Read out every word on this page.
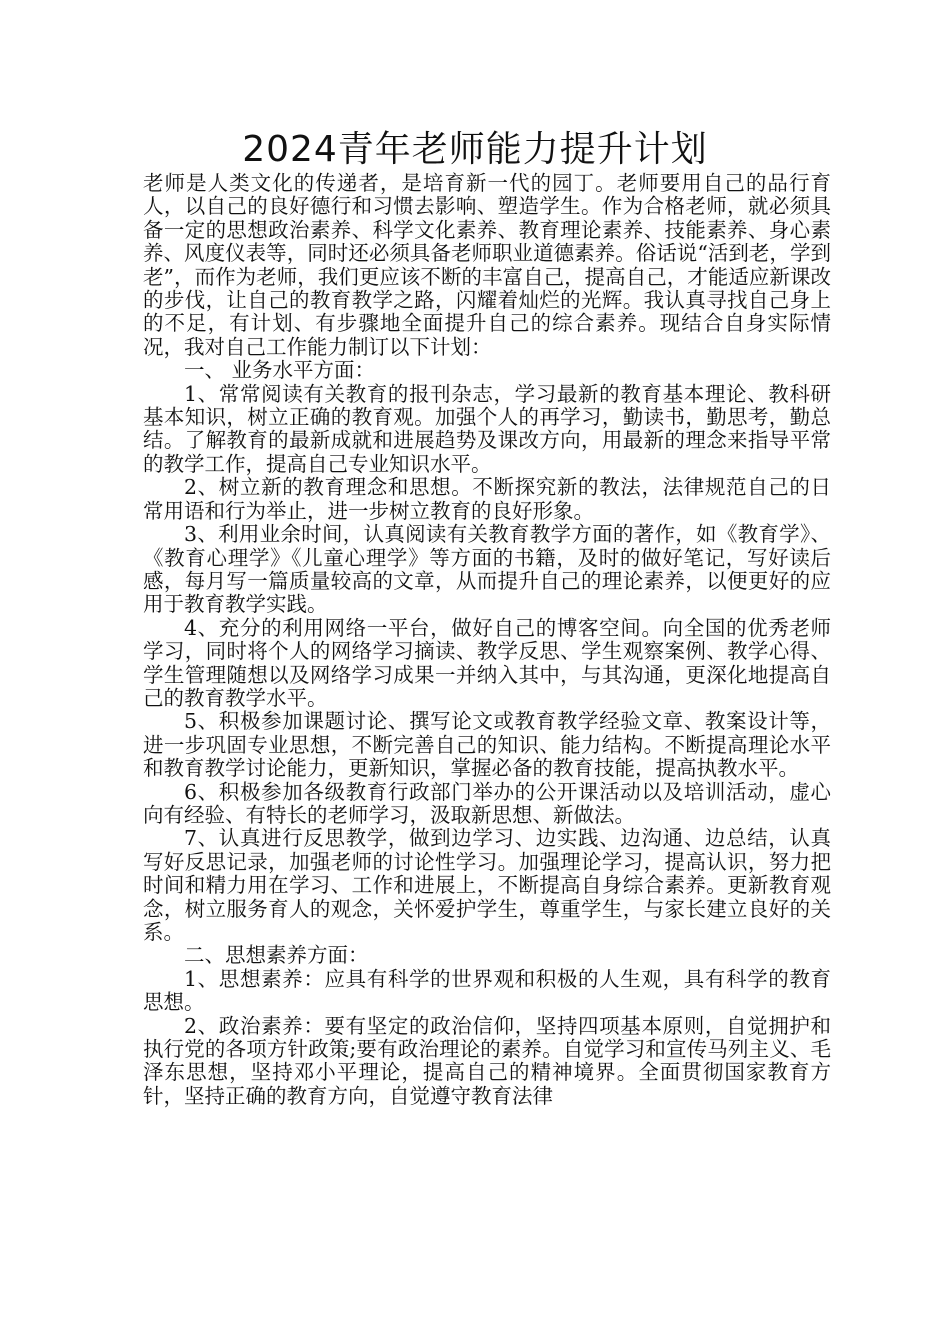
2024青年老师能力提升计划

老师是人类文化的传递者，是培育新一代的园丁。老师要用自己的品行育人，以自己的良好德行和习惯去影响、塑造学生。作为合格老师，就必须具备一定的思想政治素养、科学文化素养、教育理论素养、技能素养、身心素养、风度仪表等，同时还必须具备老师职业道德素养。俗话说“活到老，学到老”，而作为老师，我们更应该不断的丰富自己，提高自己，才能适应新课改的步伐，让自己的教育教学之路，闪耀着灿烂的光辉。我认真寻找自己身上的不足，有计划、有步骤地全面提升自己的综合素养。现结合自身实际情况，我对自己工作能力制订以下计划：

一、 业务水平方面：

1、常常阅读有关教育的报刊杂志，学习最新的教育基本理论、教科研基本知识，树立正确的教育观。加强个人的再学习，勤读书，勤思考，勤总结。了解教育的最新成就和进展趋势及课改方向，用最新的理念来指导平常的教学工作，提高自己专业知识水平。

2、树立新的教育理念和思想。不断探究新的教法，法律规范自己的日常用语和行为举止，进一步树立教育的良好形象。

3、利用业余时间，认真阅读有关教育教学方面的著作，如《教育学》、《教育心理学》《儿童心理学》等方面的书籍，及时的做好笔记，写好读后感，每月写一篇质量较高的文章，从而提升自己的理论素养，以便更好的应用于教育教学实践。

4、充分的利用网络一平台，做好自己的博客空间。向全国的优秀老师学习，同时将个人的网络学习摘读、教学反思、学生观察案例、教学心得、学生管理随想以及网络学习成果一并纳入其中，与其沟通，更深化地提高自己的教育教学水平。

5、积极参加课题讨论、撰写论文或教育教学经验文章、教案设计等，进一步巩固专业思想，不断完善自己的知识、能力结构。不断提高理论水平和教育教学讨论能力，更新知识，掌握必备的教育技能，提高执教水平。

6、积极参加各级教育行政部门举办的公开课活动以及培训活动，虚心向有经验、有特长的老师学习，汲取新思想、新做法。

7、认真进行反思教学，做到边学习、边实践、边沟通、边总结，认真写好反思记录，加强老师的讨论性学习。加强理论学习，提高认识，努力把时间和精力用在学习、工作和进展上，不断提高自身综合素养。更新教育观念，树立服务育人的观念，关怀爱护学生，尊重学生，与家长建立良好的关系。

二、思想素养方面：

1、思想素养：应具有科学的世界观和积极的人生观，具有科学的教育思想。

2、政治素养：要有坚定的政治信仰，坚持四项基本原则，自觉拥护和执行党的各项方针政策;要有政治理论的素养。自觉学习和宣传马列主义、毛泽东思想，坚持邓小平理论，提高自己的精神境界。全面贯彻国家教育方针，坚持正确的教育方向，自觉遵守教育法律
